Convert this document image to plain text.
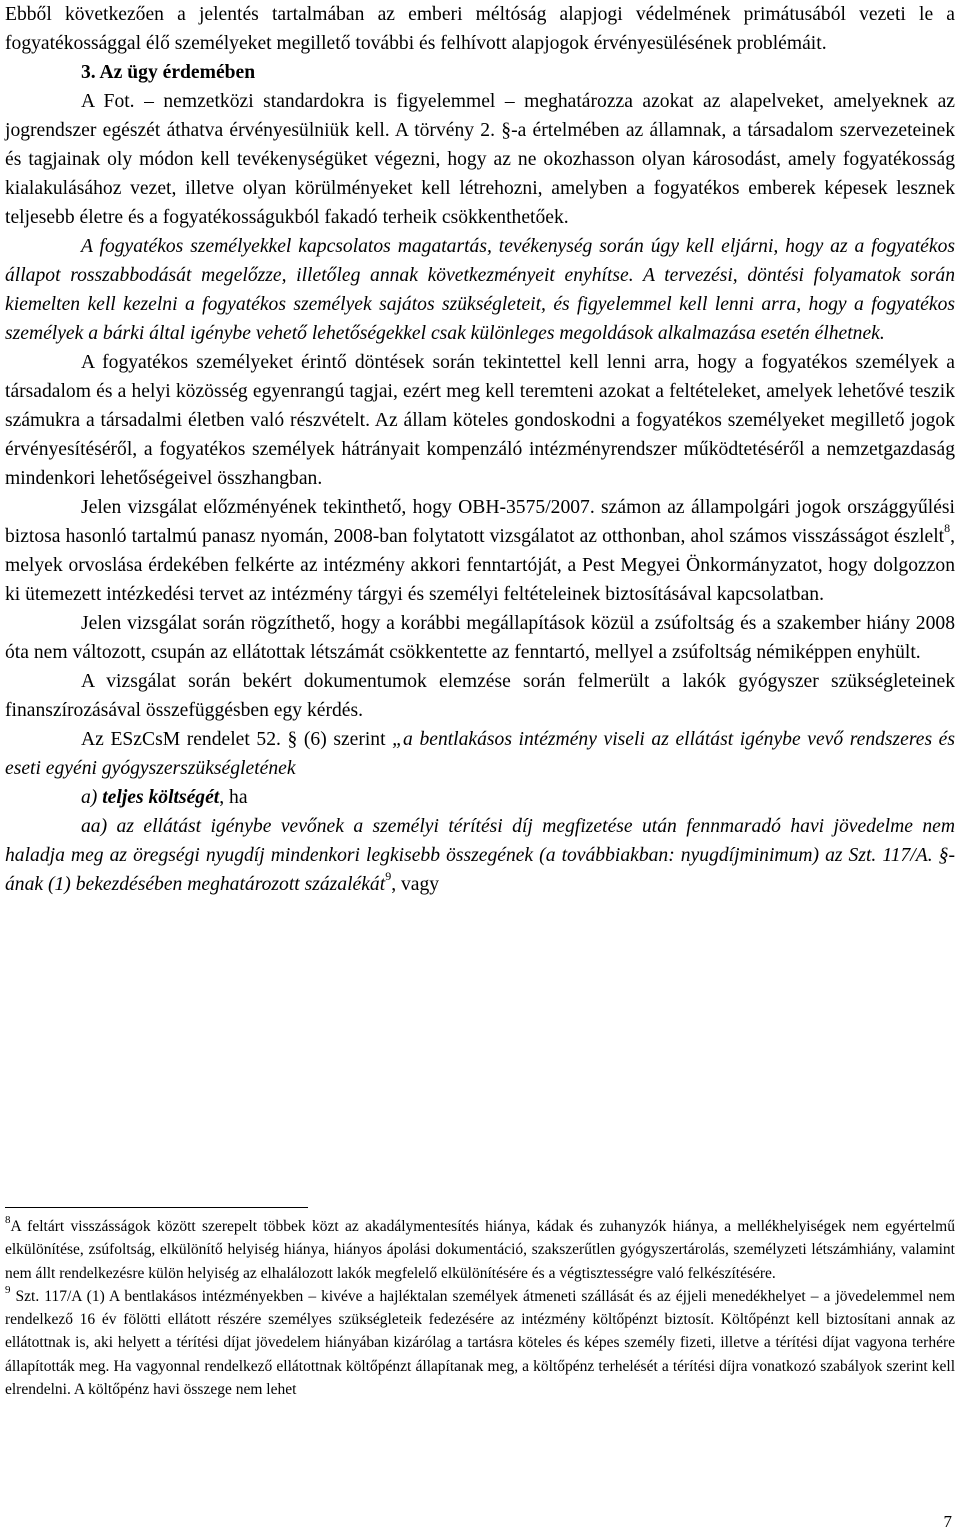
Ebből következően a jelentés tartalmában az emberi méltóság alapjogi védelmének primátusából vezeti le a fogyatékossággal élő személyeket megillető további és felhívott alapjogok érvényesülésének problémáit.

3. Az ügy érdemében

A Fot. – nemzetközi standardokra is figyelemmel – meghatározza azokat az alapelveket, amelyeknek az jogrendszer egészét áthatva érvényesülniük kell. A törvény 2. §-a értelmében az államnak, a társadalom szervezeteinek és tagjainak oly módon kell tevékenységüket végezni, hogy az ne okozhasson olyan károsodást, amely fogyatékosság kialakulásához vezet, illetve olyan körülményeket kell létrehozni, amelyben a fogyatékos emberek képesek lesznek teljesebb életre és a fogyatékosságukból fakadó terheik csökkenthetőek.

A fogyatékos személyekkel kapcsolatos magatartás, tevékenység során úgy kell eljárni, hogy az a fogyatékos állapot rosszabbodását megelőzze, illetőleg annak következményeit enyhítse. A tervezési, döntési folyamatok során kiemelten kell kezelni a fogyatékos személyek sajátos szükségleteit, és figyelemmel kell lenni arra, hogy a fogyatékos személyek a bárki által igénybe vehető lehetőségekkel csak különleges megoldások alkalmazása esetén élhetnek.

A fogyatékos személyeket érintő döntések során tekintettel kell lenni arra, hogy a fogyatékos személyek a társadalom és a helyi közösség egyenrangú tagjai, ezért meg kell teremteni azokat a feltételeket, amelyek lehetővé teszik számukra a társadalmi életben való részvételt. Az állam köteles gondoskodni a fogyatékos személyeket megillető jogok érvényesítéséről, a fogyatékos személyek hátrányait kompenzáló intézményrendszer működtetéséről a nemzetgazdaság mindenkori lehetőségeivel összhangban.

Jelen vizsgálat előzményének tekinthető, hogy OBH-3575/2007. számon az állampolgári jogok országgyűlési biztosa hasonló tartalmú panasz nyomán, 2008-ban folytatott vizsgálatot az otthonban, ahol számos visszásságot észlelt$^8$, melyek orvoslása érdekében felkérte az intézmény akkori fenntartóját, a Pest Megyei Önkormányzatot, hogy dolgozzon ki ütemezett intézkedési tervet az intézmény tárgyi és személyi feltételeinek biztosításával kapcsolatban.

Jelen vizsgálat során rögzíthető, hogy a korábbi megállapítások közül a zsúfoltság és a szakember hiány 2008 óta nem változott, csupán az ellátottak létszámát csökkentette az fenntartó, mellyel a zsúfoltság némiképpen enyhült.

A vizsgálat során bekért dokumentumok elemzése során felmerült a lakók gyógyszer szükségleteinek finanszírozásával összefüggésben egy kérdés.

Az ESzCsM rendelet 52. § (6) szerint „a bentlakásos intézmény viseli az ellátást igénybe vevő rendszeres és eseti egyéni gyógyszerszükségletének

a) teljes költségét, ha

aa) az ellátást igénybe vevőnek a személyi térítési díj megfizetése után fennmaradó havi jövedelme nem haladja meg az öregségi nyugdíj mindenkori legkisebb összegének (a továbbiakban: nyugdíjminimum) az Szt. 117/A. §-ának (1) bekezdésében meghatározott százalékát$^9$, vagy

$^8$A feltárt visszásságok között szerepelt többek közt az akadálymentesítés hiánya, kádak és zuhanyzók hiánya, a mellékhelyiségek nem egyértelmű elkülönítése, zsúfoltság, elkülönítő helyiség hiánya, hiányos ápolási dokumentáció, szakszerűtlen gyógyszertárolás, személyzeti létszámhiány, valamint nem állt rendelkezésre külön helyiség az elhalálozott lakók megfelelő elkülönítésére és a végtisztességre való felkészítésére.

$^9$ Szt. 117/A (1) A bentlakásos intézményekben – kivéve a hajléktalan személyek átmeneti szállását és az éjjeli menedékhelyet – a jövedelemmel nem rendelkező 16 év fölötti ellátott részére személyes szükségleteik fedezésére az intézmény költőpénzt biztosít. Költőpénzt kell biztosítani annak az ellátottnak is, aki helyett a térítési díjat jövedelem hiányában kizárólag a tartásra köteles és képes személy fizeti, illetve a térítési díjat vagyona terhére állapították meg. Ha vagyonnal rendelkező ellátottnak költőpénzt állapítanak meg, a költőpénz terhelését a térítési díjra vonatkozó szabályok szerint kell elrendelni. A költőpénz havi összege nem lehet

7
